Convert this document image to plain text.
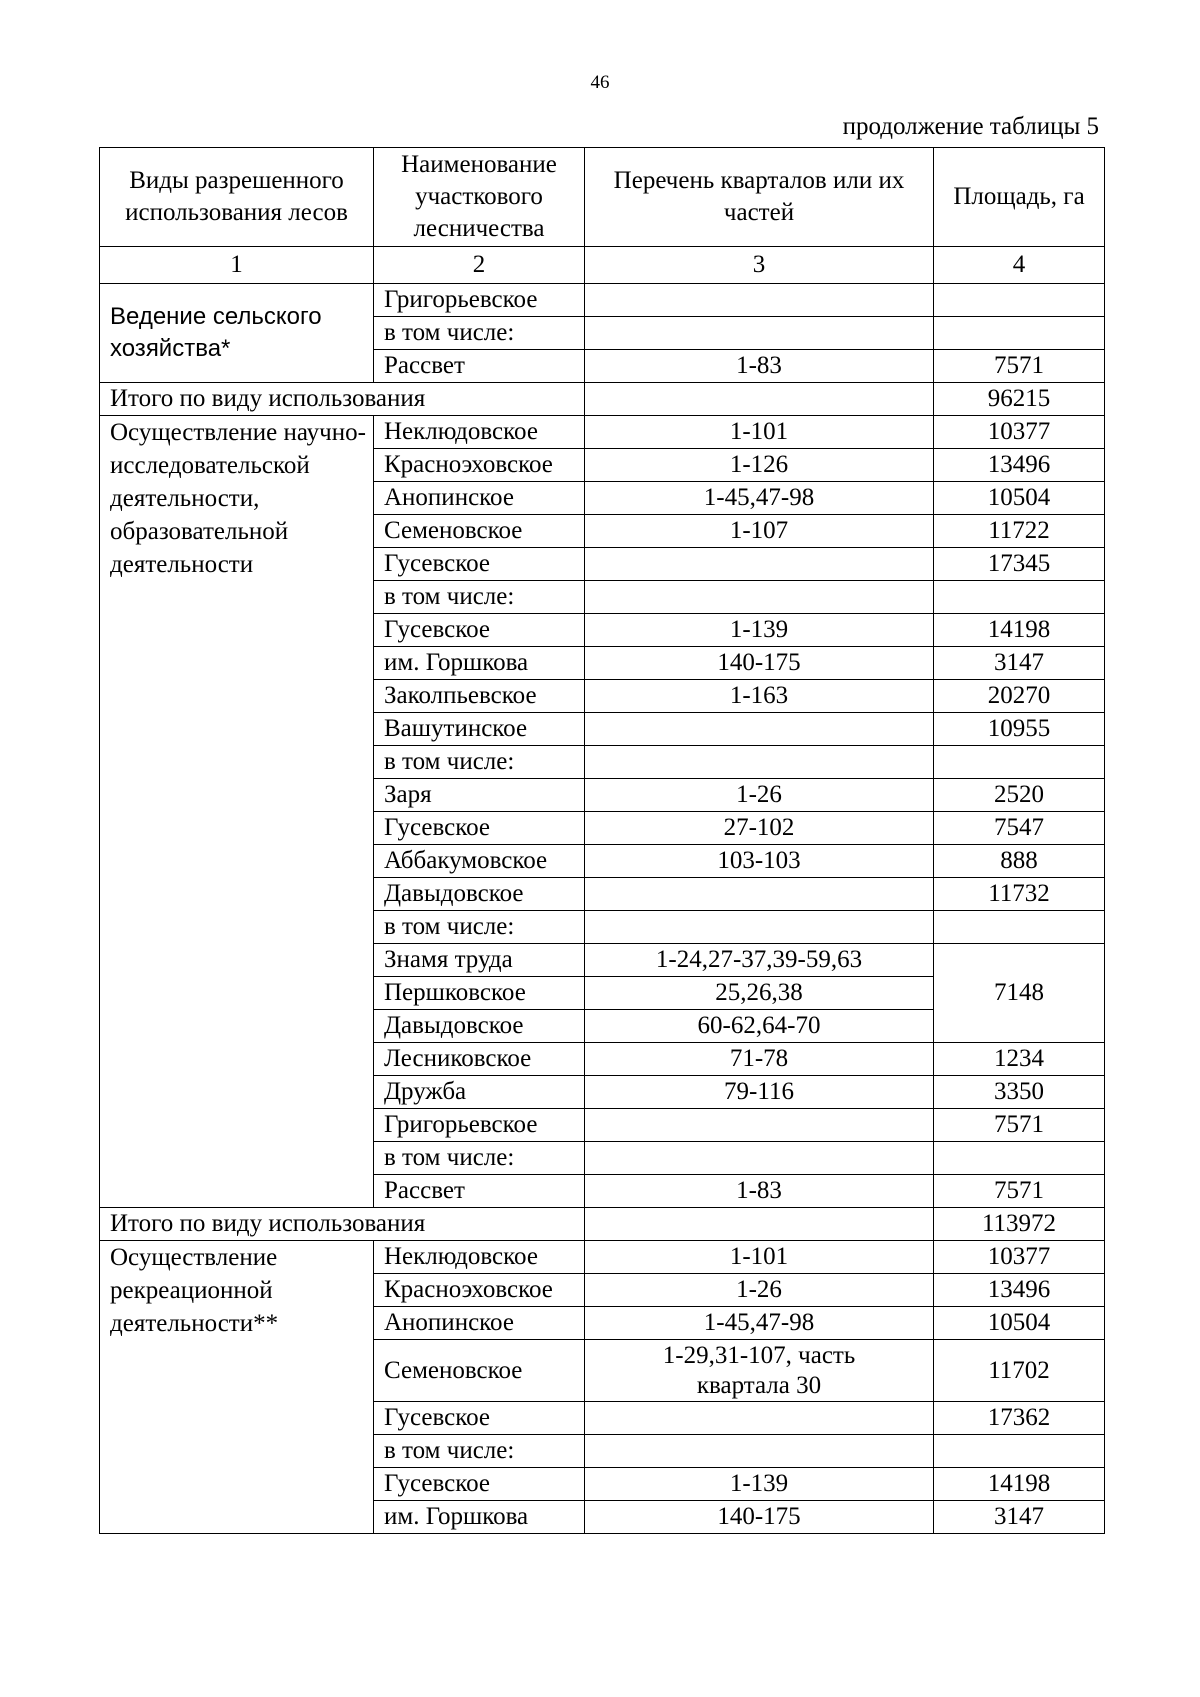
46
продолжение таблицы 5
Виды разрешенного использования лесов	Наименование участкового лесничества	Перечень кварталов или их частей	Площадь, га
1	2	3	4
Ведение сельского хозяйства*	Григорьевское		
	в том числе:		
	Рассвет	1-83	7571
Итого по виду использования			96215
Осуществление научно-исследовательской деятельности, образовательной деятельности	Неклюдовское	1-101	10377
	Красноэховское	1-126	13496
	Анопинское	1-45,47-98	10504
	Семеновское	1-107	11722
	Гусевское		17345
	в том числе:		
	Гусевское	1-139	14198
	им. Горшкова	140-175	3147
	Заколпьевское	1-163	20270
	Вашутинское		10955
	в том числе:		
	Заря	1-26	2520
	Гусевское	27-102	7547
	Аббакумовское	103-103	888
	Давыдовское		11732
	в том числе:		
	Знамя труда	1-24,27-37,39-59,63	7148
	Першковское	25,26,38	
	Давыдовское	60-62,64-70	
	Лесниковское	71-78	1234
	Дружба	79-116	3350
	Григорьевское		7571
	в том числе:		
	Рассвет	1-83	7571
Итого по виду использования			113972
Осуществление рекреационной деятельности**	Неклюдовское	1-101	10377
	Красноэховское	1-26	13496
	Анопинское	1-45,47-98	10504
	Семеновское	1-29,31-107, часть квартала 30	11702
	Гусевское		17362
	в том числе:		
	Гусевское	1-139	14198
	им. Горшкова	140-175	3147
